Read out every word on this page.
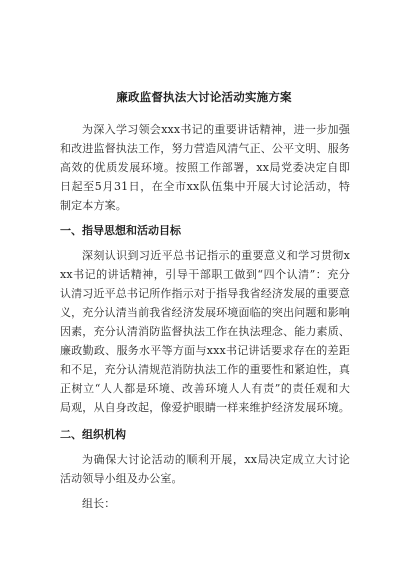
廉政监督执法大讨论活动实施方案

为深入学习领会xxx书记的重要讲话精神，进一步加强和改进监督执法工作，努力营造风清气正、公平文明、服务高效的优质发展环境。按照工作部署，xx局党委决定自即日起至5月31日，在全市xx队伍集中开展大讨论活动，特制定本方案。

一、指导思想和活动目标

深刻认识到习近平总书记指示的重要意义和学习贯彻xxx书记的讲话精神，引导干部职工做到“四个认清”：充分认清习近平总书记所作指示对于指导我省经济发展的重要意义，充分认清当前我省经济发展环境面临的突出问题和影响因素，充分认清消防监督执法工作在执法理念、能力素质、廉政勤政、服务水平等方面与xxx书记讲话要求存在的差距和不足，充分认清规范消防执法工作的重要性和紧迫性，真正树立“人人都是环境、改善环境人人有责”的责任观和大局观，从自身改起，像爱护眼睛一样来维护经济发展环境。

二、组织机构

为确保大讨论活动的顺利开展，xx局决定成立大讨论活动领导小组及办公室。

组长：
